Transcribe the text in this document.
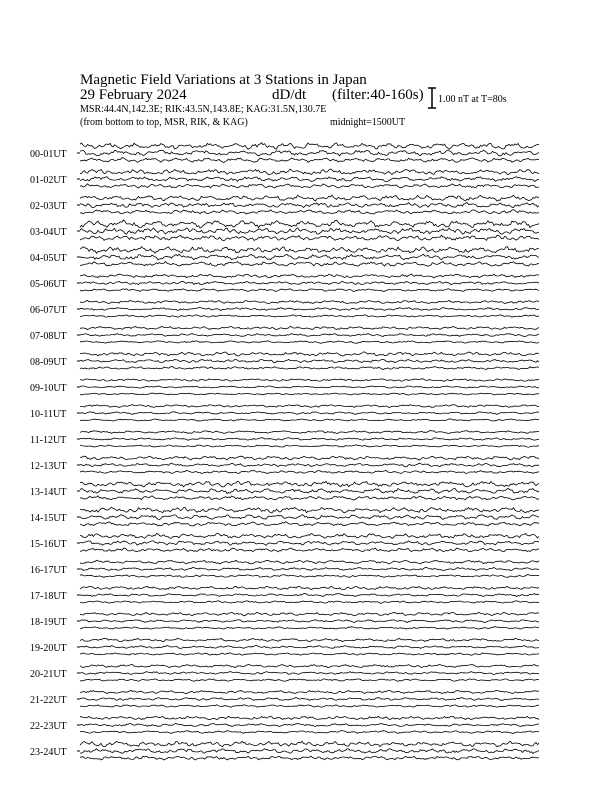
Magnetic Field Variations at 3 Stations in Japan
29 February 2024	dD/dt (filter:40-160s)
MSR:44.4N,142.3E; RIK:43.5N,143.8E; KAG:31.5N,130.7E
(from bottom to top, MSR, RIK, & KAG)	midnight=1500UT
1.00 nT at T=80s
00-01UT
01-02UT
02-03UT
03-04UT
04-05UT
05-06UT
06-07UT
07-08UT
08-09UT
09-10UT
10-11UT
11-12UT
12-13UT
13-14UT
14-15UT
15-16UT
16-17UT
17-18UT
18-19UT
19-20UT
20-21UT
21-22UT
22-23UT
23-24UT
